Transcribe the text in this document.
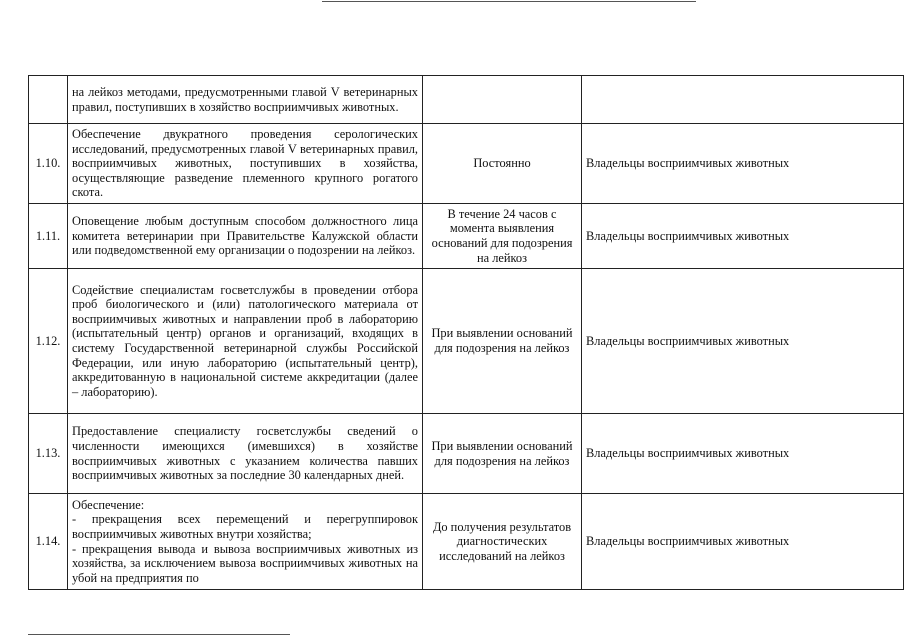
	на лейкоз методами, предусмотренными главой V ветеринарных правил, поступивших в хозяйство восприимчивых животных.		
1.10.	Обеспечение двукратного проведения серологических исследований, предусмотренных главой V ветеринарных правил, восприимчивых животных, поступивших в хозяйства, осуществляющие разведение племенного крупного рогатого скота.	Постоянно	Владельцы восприимчивых животных
1.11.	Оповещение любым доступным способом должностного лица комитета ветеринарии при Правительстве Калужской области или подведомственной ему организации о подозрении на лейкоз.	В течение 24 часов с момента выявления оснований для подозрения на лейкоз	Владельцы восприимчивых животных
1.12.	Содействие специалистам госветслужбы в проведении отбора проб биологического и (или) патологического материала от восприимчивых животных и направлении проб в лабораторию (испытательный центр) органов и организаций, входящих в систему Государственной ветеринарной службы Российской Федерации, или иную лабораторию (испытательный центр), аккредитованную в национальной системе аккредитации (далее – лабораторию).	При выявлении оснований для подозрения на лейкоз	Владельцы восприимчивых животных
1.13.	Предоставление специалисту госветслужбы сведений о численности имеющихся (имевшихся) в хозяйстве восприимчивых животных с указанием количества павших восприимчивых животных за последние 30 календарных дней.	При выявлении оснований для подозрения на лейкоз	Владельцы восприимчивых животных
1.14.	Обеспечение:
- прекращения всех перемещений и перегруппировок восприимчивых животных внутри хозяйства;
- прекращения вывода и вывоза восприимчивых животных из хозяйства, за исключением вывоза восприимчивых животных на убой на предприятия по	До получения результатов диагностических исследований на лейкоз	Владельцы восприимчивых животных
